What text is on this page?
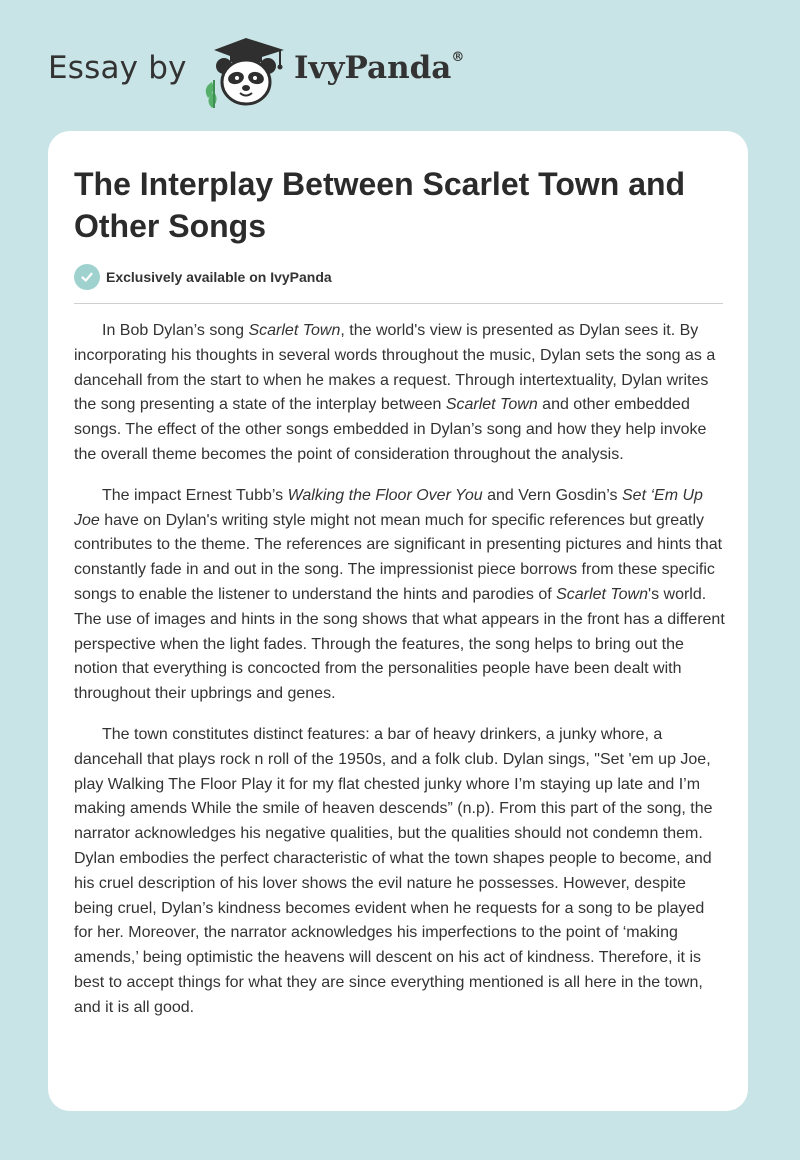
Essay by	IvyPanda®
The Interplay Between Scarlet Town and Other Songs
Exclusively available on IvyPanda

In Bob Dylan’s song Scarlet Town, the world's view is presented as Dylan sees it. By incorporating his thoughts in several words throughout the music, Dylan sets the song as a dancehall from the start to when he makes a request. Through intertextuality, Dylan writes the song presenting a state of the interplay between Scarlet Town and other embedded songs. The effect of the other songs embedded in Dylan’s song and how they help invoke the overall theme becomes the point of consideration throughout the analysis.

The impact Ernest Tubb’s Walking the Floor Over You and Vern Gosdin’s Set ‘Em Up Joe have on Dylan's writing style might not mean much for specific references but greatly contributes to the theme. The references are significant in presenting pictures and hints that constantly fade in and out in the song. The impressionist piece borrows from these specific songs to enable the listener to understand the hints and parodies of Scarlet Town's world. The use of images and hints in the song shows that what appears in the front has a different perspective when the light fades. Through the features, the song helps to bring out the notion that everything is concocted from the personalities people have been dealt with throughout their upbrings and genes.

The town constitutes distinct features: a bar of heavy drinkers, a junky whore, a dancehall that plays rock n roll of the 1950s, and a folk club. Dylan sings, "Set 'em up Joe, play Walking The Floor Play it for my flat chested junky whore I’m staying up late and I’m making amends While the smile of heaven descends” (n.p). From this part of the song, the narrator acknowledges his negative qualities, but the qualities should not condemn them. Dylan embodies the perfect characteristic of what the town shapes people to become, and his cruel description of his lover shows the evil nature he possesses. However, despite being cruel, Dylan’s kindness becomes evident when he requests for a song to be played for her. Moreover, the narrator acknowledges his imperfections to the point of ‘making amends,’ being optimistic the heavens will descent on his act of kindness. Therefore, it is best to accept things for what they are since everything mentioned is all here in the town, and it is all good.
